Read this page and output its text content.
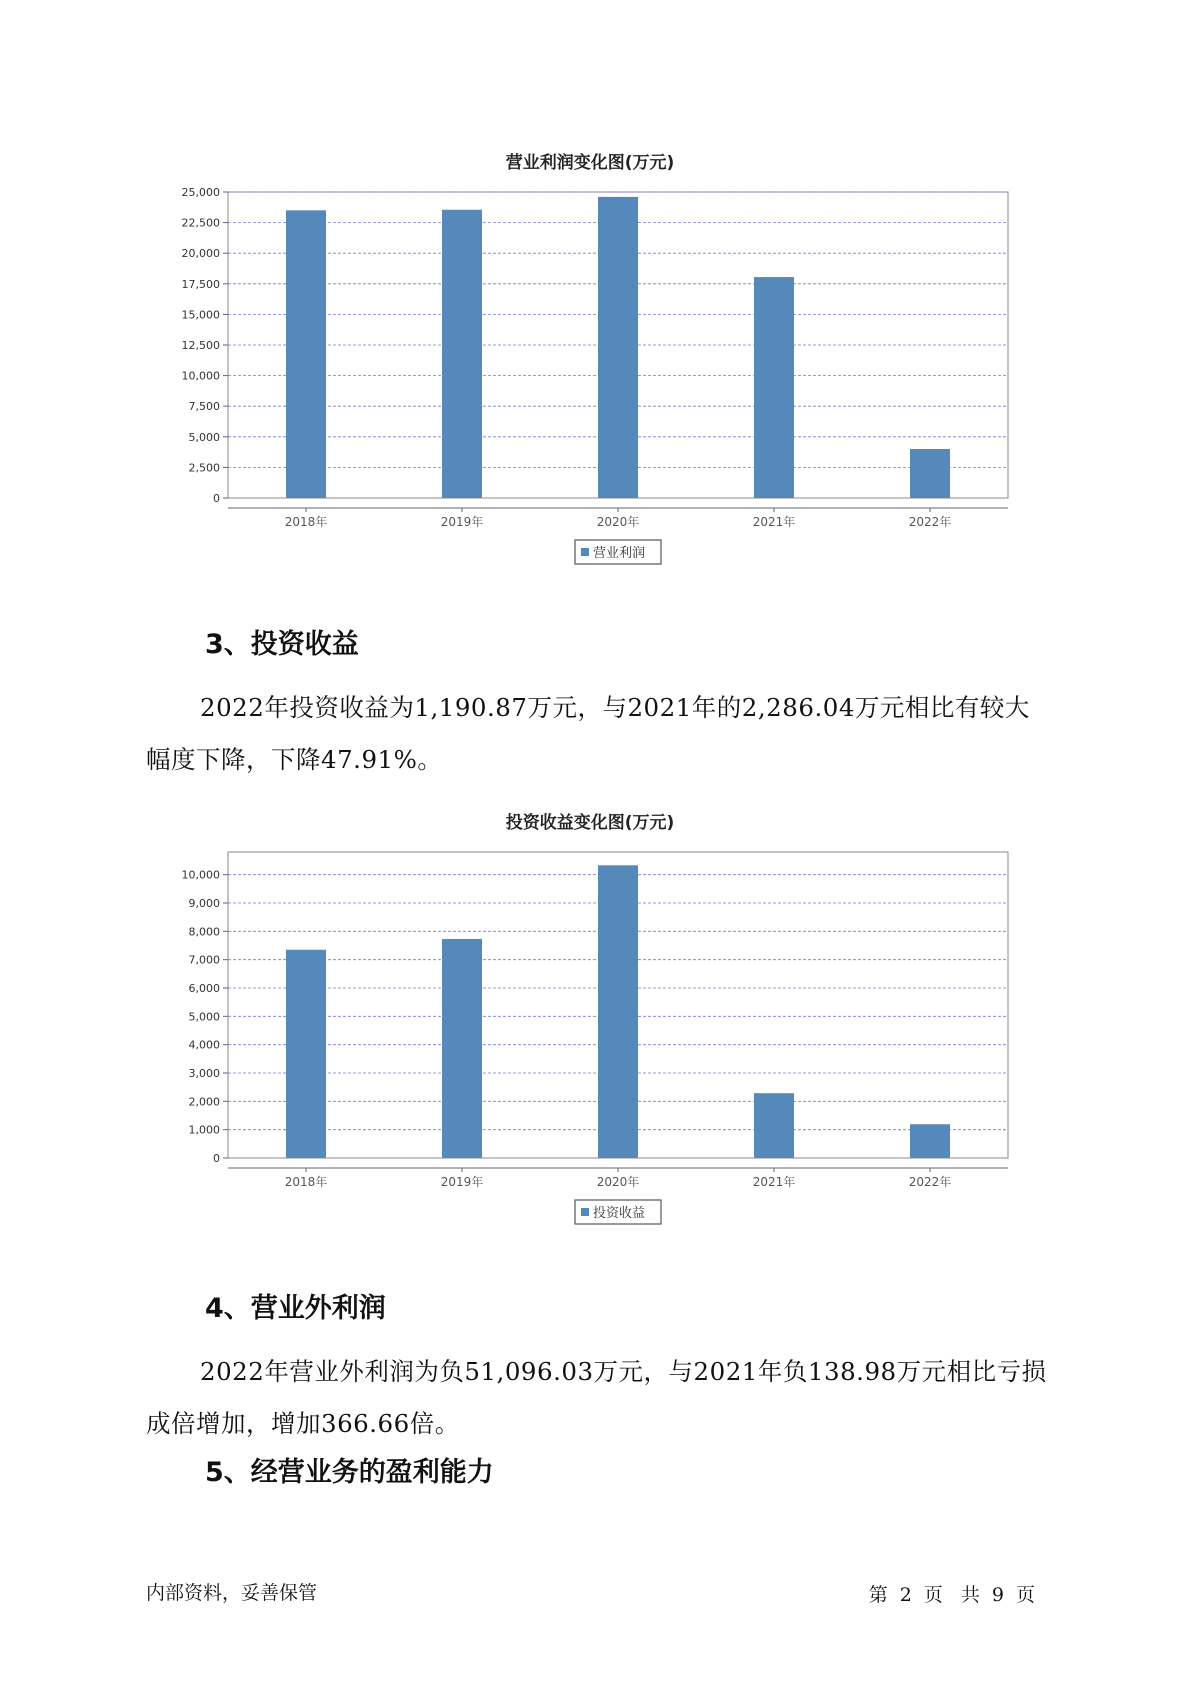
营业利润变化图(万元)
0
2,500
5,000
7,500
10,000
12,500
15,000
17,500
20,000
22,500
25,000
2018年	2019年	2020年	2021年	2022年
营业利润
3、投资收益
2022年投资收益为1,190.87万元，与2021年的2,286.04万元相比有较大幅度下降，下降47.91%。
投资收益变化图(万元)
0
1,000
2,000
3,000
4,000
5,000
6,000
7,000
8,000
9,000
10,000
2018年	2019年	2020年	2021年	2022年
投资收益
4、营业外利润
2022年营业外利润为负51,096.03万元，与2021年负138.98万元相比亏损成倍增加，增加366.66倍。
5、经营业务的盈利能力
内部资料，妥善保管	第 2 页 共 9 页
